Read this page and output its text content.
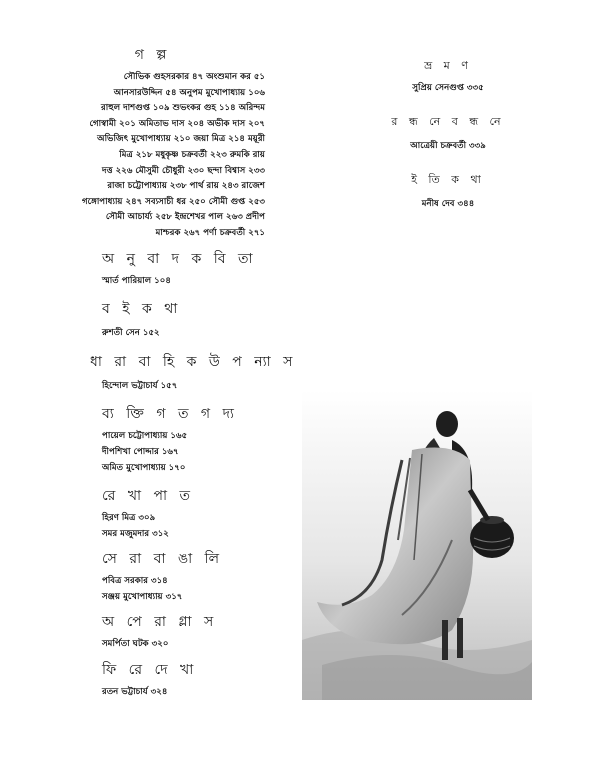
গ ল্প

সৌভিক গুহসরকার ৪৭ অংশুমান কর ৫১

আনসারউদ্দিন ৫৪ অনুপম মুখোপাধ্যায় ১০৬

রাহুল দাশগুপ্ত ১০৯ শুভংকর গুহ ১১৪ অরিন্দম

গোস্বামী ২০১ অমিতাভ দাস ২০৪ অভীক দাস ২০৭

অভিজিৎ মুখোপাধ্যায় ২১০ জয়া মিত্র ২১৪ ময়ূরী

মিত্র ২১৮ মধুকৃষ্ণ চক্রবর্তী ২২৩ রুমকি রায়

দত্ত ২২৬ মৌসুমী চৌধুরী ২৩০ ছন্দা বিশ্বাস ২৩৩

রাজা চট্টোপাধ্যায় ২৩৮ পার্থ রায় ২৪৩ রাজেশ

গঙ্গোপাধ্যায় ২৪৭ সব্যসাচী ধর ২৫০ সৌমী গুপ্ত ২৫৩

সৌমী আচার্য্য ২৫৮ ইন্দ্রশেখর পাল ২৬৩ প্রদীপ

মাশ্চরক ২৬৭ পর্ণা চক্রবর্তী ২৭১

অ নু বা দ ক বি তা

স্মার্ত পারিয়াল ১০৪

ব ই ক থা

রুশতী সেন ১৫২

ধা রা বা হি ক উ প ন্যা স

হিন্দোল ভট্টাচার্য ১৫৭

ব্য ক্তি গ ত গ দ্য

পায়েল চট্টোপাধ্যায় ১৬৫

দীপশিখা পোদ্দার ১৬৭

অমিত মুখোপাধ্যায় ১৭০

রে খা পা ত

হিরণ মিত্র ৩০৯

সমর মজুমদার ৩১২

সে রা বা ঙা লি

পবিত্র সরকার ৩১৪

সঞ্জয় মুখোপাধ্যায় ৩১৭

অ পে রা গ্লা স

সমর্পিতা ঘটক ৩২০

ফি রে দে খা

রতন ভট্টাচার্য ৩২৪

ভ্র ম ণ

সুপ্রিয় সেনগুপ্ত ৩৩৫

র ন্ধ নে ব ন্ধ নে

আত্রেয়ী চক্রবর্তী ৩৩৯

ই তি ক থা

মনীষ দেব ৩৪৪
